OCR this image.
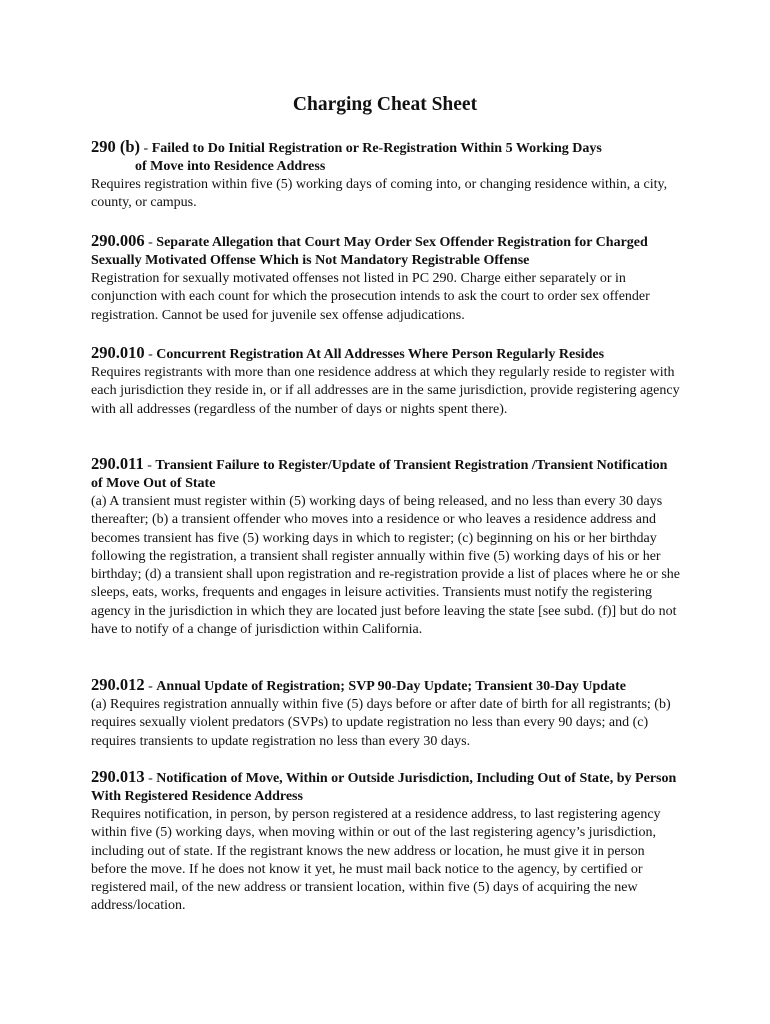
Charging Cheat Sheet

290 (b) - Failed to Do Initial Registration or Re-Registration Within 5 Working Days
of Move into Residence Address

Requires registration within five (5) working days of coming into, or changing residence within, a city, county, or campus.

290.006 - Separate Allegation that Court May Order Sex Offender Registration for Charged Sexually Motivated Offense Which is Not Mandatory Registrable Offense

Registration for sexually motivated offenses not listed in PC 290. Charge either separately or in conjunction with each count for which the prosecution intends to ask the court to order sex offender registration. Cannot be used for juvenile sex offense adjudications.

290.010 - Concurrent Registration At All Addresses Where Person Regularly Resides

Requires registrants with more than one residence address at which they regularly reside to register with each jurisdiction they reside in, or if all addresses are in the same jurisdiction, provide registering agency with all addresses (regardless of the number of days or nights spent there).

290.011 - Transient Failure to Register/Update of Transient Registration /Transient Notification of Move Out of State

(a) A transient must register within (5) working days of being released, and no less than every 30 days thereafter; (b) a transient offender who moves into a residence or who leaves a residence address and becomes transient has five (5) working days in which to register; (c) beginning on his or her birthday following the registration, a transient shall register annually within five (5) working days of his or her birthday; (d) a transient shall upon registration and re-registration provide a list of places where he or she sleeps, eats, works, frequents and engages in leisure activities. Transients must notify the registering agency in the jurisdiction in which they are located just before leaving the state [see subd. (f)] but do not have to notify of a change of jurisdiction within California.

290.012 - Annual Update of Registration; SVP 90-Day Update; Transient 30-Day Update

(a) Requires registration annually within five (5) days before or after date of birth for all registrants; (b) requires sexually violent predators (SVPs) to update registration no less than every 90 days; and (c) requires transients to update registration no less than every 30 days.

290.013 - Notification of Move, Within or Outside Jurisdiction, Including Out of State, by Person With Registered Residence Address

Requires notification, in person, by person registered at a residence address, to last registering agency within five (5) working days, when moving within or out of the last registering agency’s jurisdiction, including out of state. If the registrant knows the new address or location, he must give it in person before the move. If he does not know it yet, he must mail back notice to the agency, by certified or registered mail, of the new address or transient location, within five (5) days of acquiring the new address/location.
